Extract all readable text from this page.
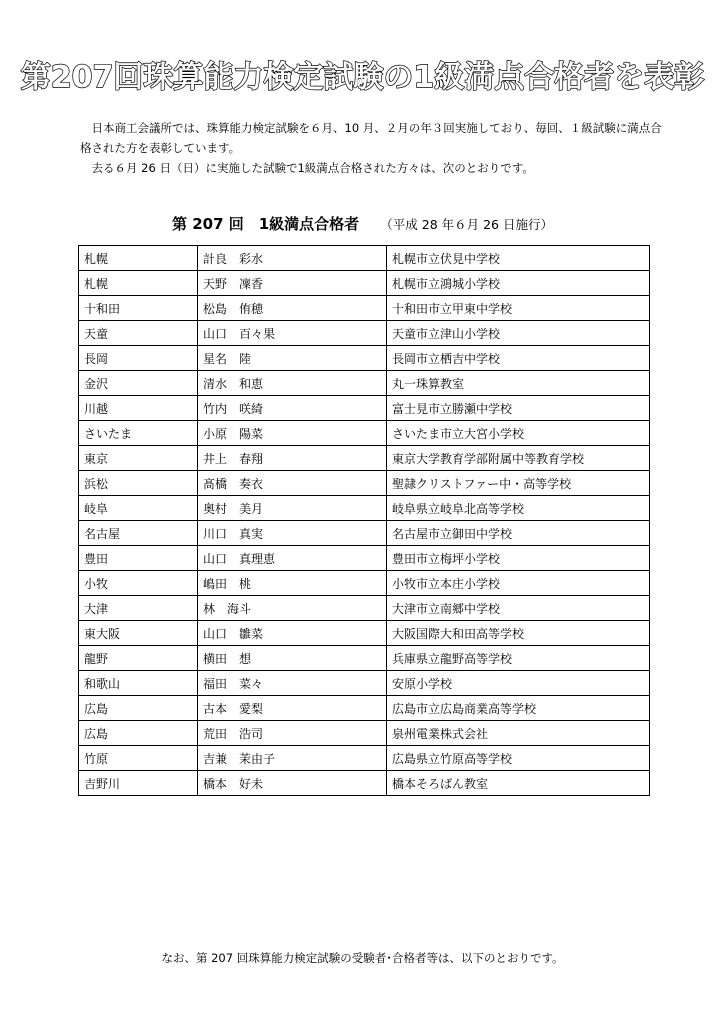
第207回珠算能力検定試験の1級満点合格者を表彰

日本商工会議所では、珠算能力検定試験を６月、10 月、２月の年３回実施しており、毎回、１級試験に満点合格された方を表彰しています。

去る６月 26 日（日）に実施した試験で1級満点合格された方々は、次のとおりです。

第 207 回　1級満点合格者 （平成 28 年６月 26 日施行）
札幌	計良　彩水	札幌市立伏見中学校
札幌	天野　凜香	札幌市立鴻城小学校
十和田	松島　侑穂	十和田市立甲東中学校
天童	山口　百々果	天童市立津山小学校
長岡	星名　陸	長岡市立栖吉中学校
金沢	清水　和恵	丸一珠算教室
川越	竹内　咲綺	富士見市立勝瀬中学校
さいたま	小原　陽菜	さいたま市立大宮小学校
東京	井上　春翔	東京大学教育学部附属中等教育学校
浜松	髙橋　奏衣	聖隷クリストファー中・高等学校
岐阜	奥村　美月	岐阜県立岐阜北高等学校
名古屋	川口　真実	名古屋市立御田中学校
豊田	山口　真理恵	豊田市立梅坪小学校
小牧	嶋田　桃	小牧市立本庄小学校
大津	林　海斗	大津市立南郷中学校
東大阪	山口　雛菜	大阪国際大和田高等学校
龍野	横田　想	兵庫県立龍野高等学校
和歌山	福田　菜々	安原小学校
広島	古本　愛梨	広島市立広島商業高等学校
広島	荒田　浩司	泉州電業株式会社
竹原	吉兼　茉由子	広島県立竹原高等学校
吉野川	橋本　好未	橋本そろばん教室
なお、第 207 回珠算能力検定試験の受験者･合格者等は、以下のとおりです。
